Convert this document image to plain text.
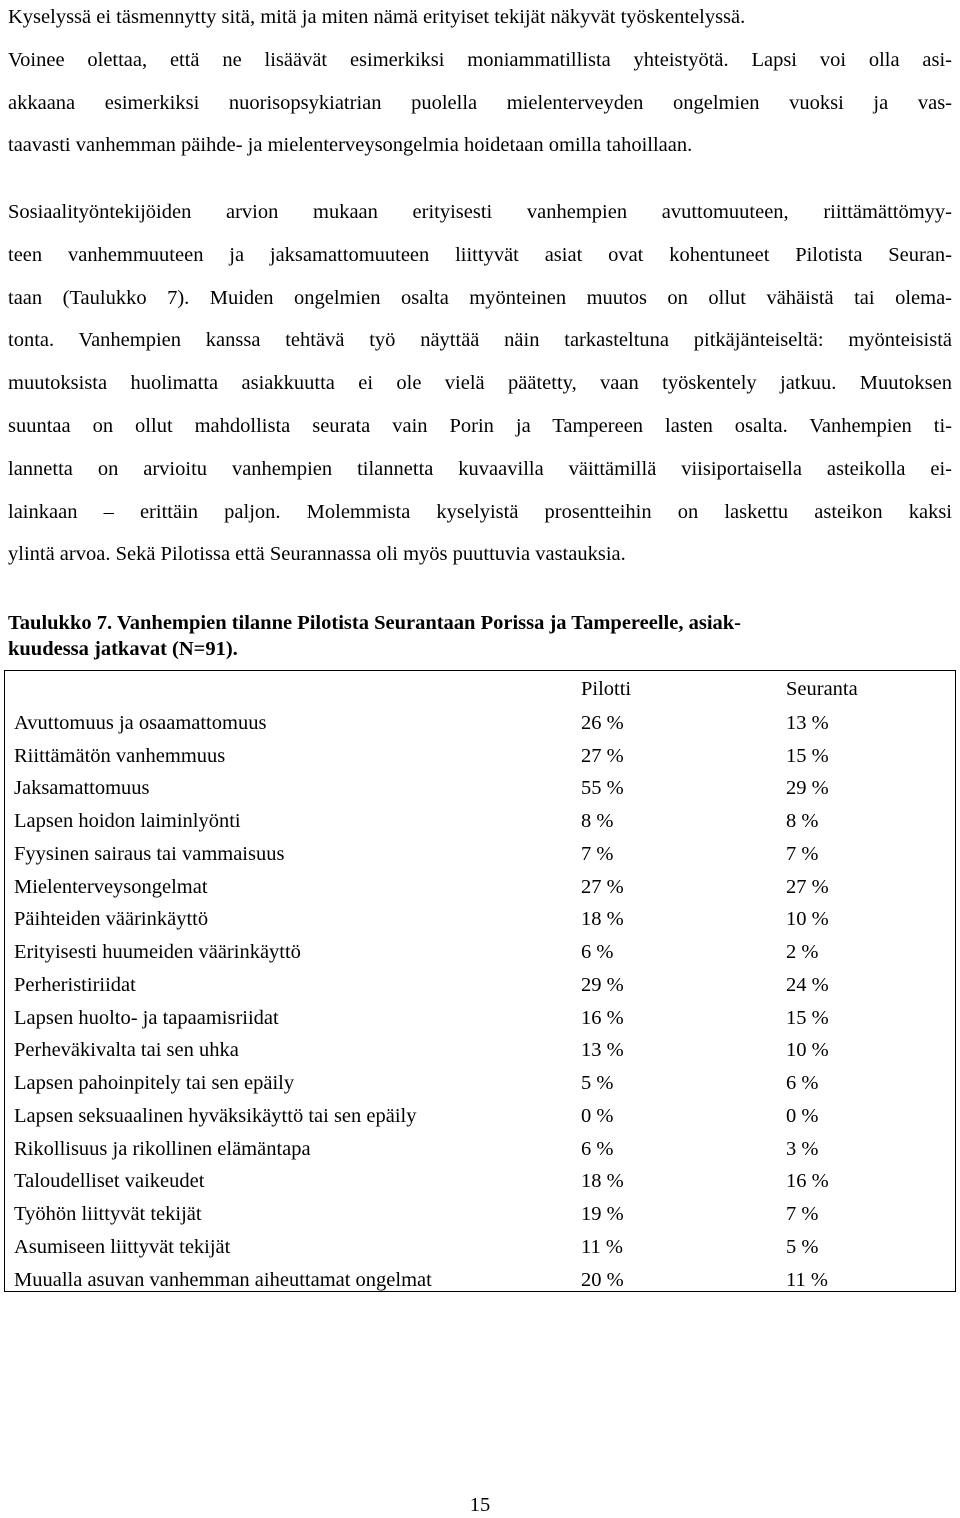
Kyselyssä ei täsmennytty sitä, mitä ja miten nämä erityiset tekijät näkyvät työskentelyssä.
Voinee olettaa, että ne lisäävät esimerkiksi moniammatillista yhteistyötä. Lapsi voi olla asi-
akkaana esimerkiksi nuorisopsykiatrian puolella mielenterveyden ongelmien vuoksi ja vas-
taavasti vanhemman päihde- ja mielenterveysongelmia hoidetaan omilla tahoillaan.
Sosiaalityöntekijöiden arvion mukaan erityisesti vanhempien avuttomuuteen, riittämättömyy-
teen vanhemmuuteen ja jaksamattomuuteen liittyvät asiat ovat kohentuneet Pilotista Seuran-
taan (Taulukko 7). Muiden ongelmien osalta myönteinen muutos on ollut vähäistä tai olema-
tonta. Vanhempien kanssa tehtävä työ näyttää näin tarkasteltuna pitkäjänteiseltä: myönteisistä
muutoksista huolimatta asiakkuutta ei ole vielä päätetty, vaan työskentely jatkuu. Muutoksen
suuntaa on ollut mahdollista seurata vain Porin ja Tampereen lasten osalta. Vanhempien ti-
lannetta on arvioitu vanhempien tilannetta kuvaavilla väittämillä viisiportaisella asteikolla ei-
lainkaan – erittäin paljon. Molemmista kyselyistä prosentteihin on laskettu asteikon kaksi
ylintä arvoa. Sekä Pilotissa että Seurannassa oli myös puuttuvia vastauksia.
Taulukko 7. Vanhempien tilanne Pilotista Seurantaan Porissa ja Tampereelle, asiak-
kuudessa jatkavat (N=91).
	Pilotti	Seuranta
Avuttomuus ja osaamattomuus	26 %	13 %
Riittämätön vanhemmuus	27 %	15 %
Jaksamattomuus	55 %	29 %
Lapsen hoidon laiminlyönti	8 %	8 %
Fyysinen sairaus tai vammaisuus	7 %	7 %
Mielenterveysongelmat	27 %	27 %
Päihteiden väärinkäyttö	18 %	10 %
Erityisesti huumeiden väärinkäyttö	6 %	2 %
Perheristiriidat	29 %	24 %
Lapsen huolto- ja tapaamisriidat	16 %	15 %
Perheväkivalta tai sen uhka	13 %	10 %
Lapsen pahoinpitely tai sen epäily	5 %	6 %
Lapsen seksuaalinen hyväksikäyttö tai sen epäily	0 %	0 %
Rikollisuus ja rikollinen elämäntapa	6 %	3 %
Taloudelliset vaikeudet	18 %	16 %
Työhön liittyvät tekijät	19 %	7 %
Asumiseen liittyvät tekijät	11 %	5 %
Muualla asuvan vanhemman aiheuttamat ongelmat	20 %	11 %
15
